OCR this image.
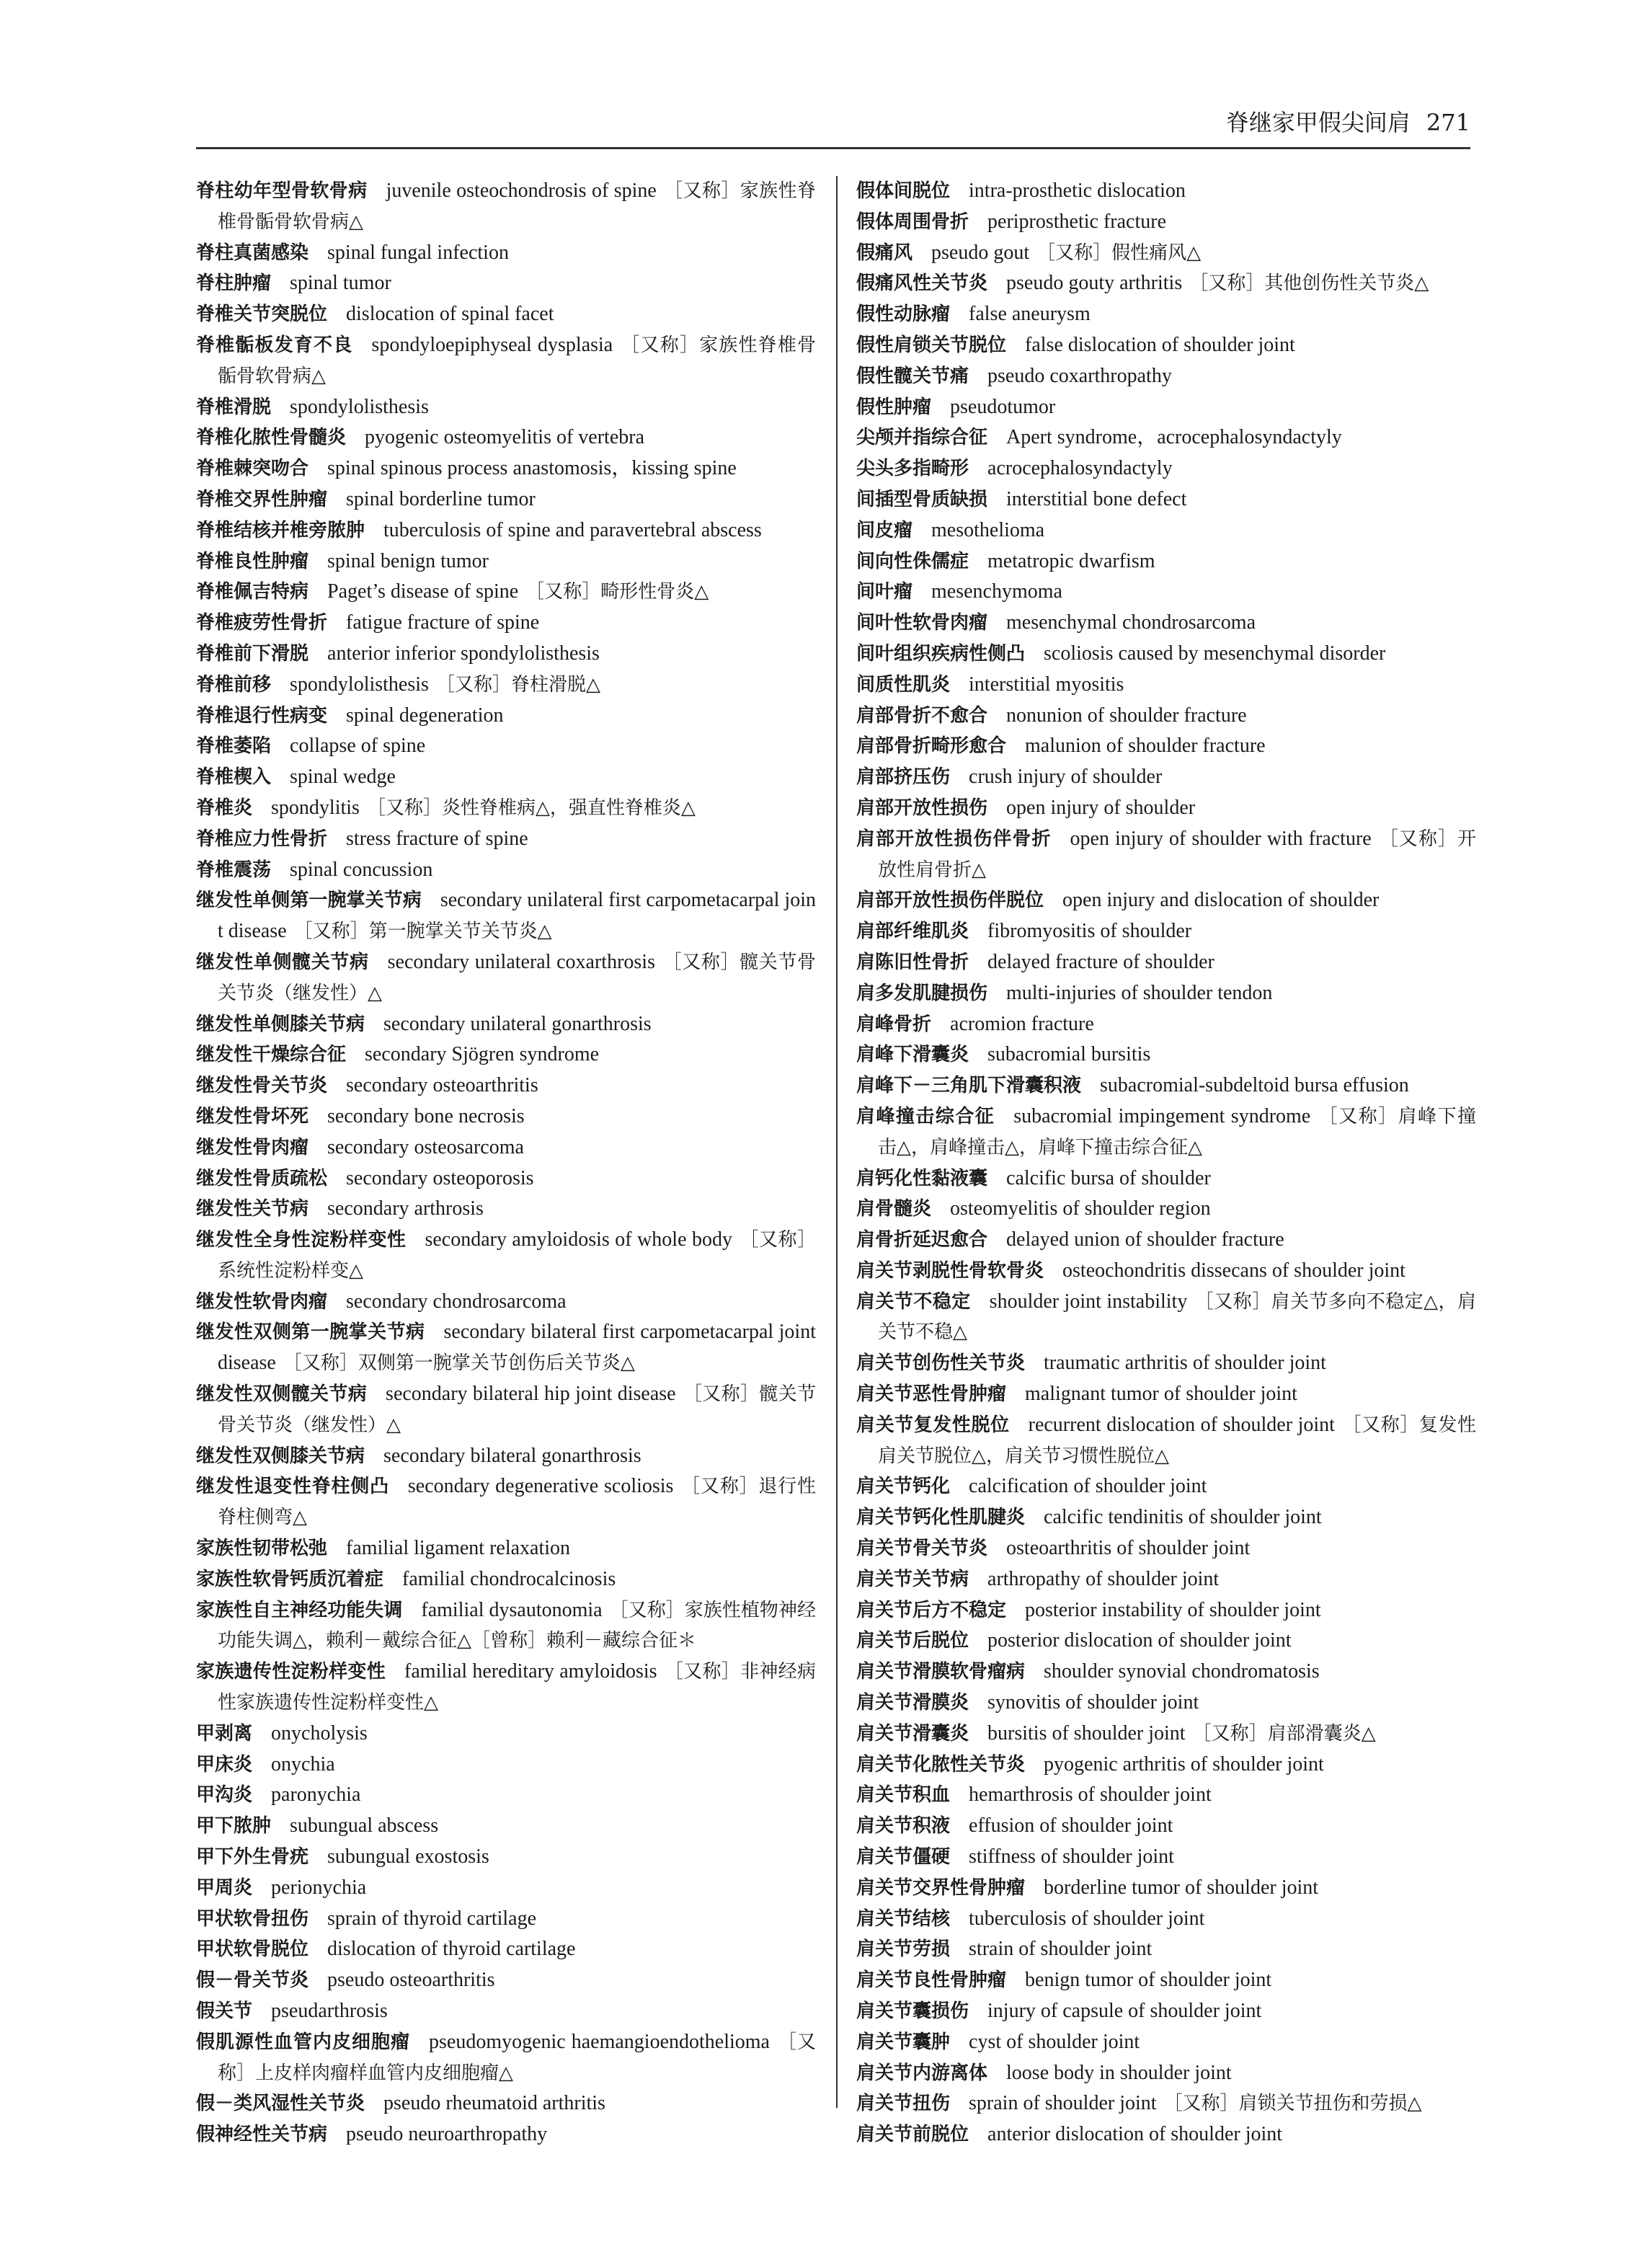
脊继家甲假尖间肩 271
脊柱幼年型骨软骨病 juvenile osteochondrosis of spine ［又称］家族性脊椎骨骺骨软骨病△
脊柱真菌感染 spinal fungal infection
脊柱肿瘤 spinal tumor
脊椎关节突脱位 dislocation of spinal facet
脊椎骺板发育不良 spondyloepiphyseal dysplasia ［又称］家族性脊椎骨骺骨软骨病△
脊椎滑脱 spondylolisthesis
脊椎化脓性骨髓炎 pyogenic osteomyelitis of vertebra
脊椎棘突吻合 spinal spinous process anastomosis，kissing spine
脊椎交界性肿瘤 spinal borderline tumor
脊椎结核并椎旁脓肿 tuberculosis of spine and paravertebral abscess
脊椎良性肿瘤 spinal benign tumor
脊椎佩吉特病 Paget’s disease of spine ［又称］畸形性骨炎△
脊椎疲劳性骨折 fatigue fracture of spine
脊椎前下滑脱 anterior inferior spondylolisthesis
脊椎前移 spondylolisthesis ［又称］脊柱滑脱△
脊椎退行性病变 spinal degeneration
脊椎萎陷 collapse of spine
脊椎楔入 spinal wedge
脊椎炎 spondylitis ［又称］炎性脊椎病△，强直性脊椎炎△
脊椎应力性骨折 stress fracture of spine
脊椎震荡 spinal concussion
继发性单侧第一腕掌关节病 secondary unilateral first carpometacarpal joint disease ［又称］第一腕掌关节关节炎△
继发性单侧髋关节病 secondary unilateral coxarthrosis ［又称］髋关节骨关节炎（继发性）△
继发性单侧膝关节病 secondary unilateral gonarthrosis
继发性干燥综合征 secondary Sjögren syndrome
继发性骨关节炎 secondary osteoarthritis
继发性骨坏死 secondary bone necrosis
继发性骨肉瘤 secondary osteosarcoma
继发性骨质疏松 secondary osteoporosis
继发性关节病 secondary arthrosis
继发性全身性淀粉样变性 secondary amyloidosis of whole body ［又称］系统性淀粉样变△
继发性软骨肉瘤 secondary chondrosarcoma
继发性双侧第一腕掌关节病 secondary bilateral first carpometacarpal joint disease ［又称］双侧第一腕掌关节创伤后关节炎△
继发性双侧髋关节病 secondary bilateral hip joint disease ［又称］髋关节骨关节炎（继发性）△
继发性双侧膝关节病 secondary bilateral gonarthrosis
继发性退变性脊柱侧凸 secondary degenerative scoliosis ［又称］退行性脊柱侧弯△
家族性韧带松弛 familial ligament relaxation
家族性软骨钙质沉着症 familial chondrocalcinosis
家族性自主神经功能失调 familial dysautonomia ［又称］家族性植物神经功能失调△，赖利－戴综合征△［曾称］赖利－藏综合征＊
家族遗传性淀粉样变性 familial hereditary amyloidosis ［又称］非神经病性家族遗传性淀粉样变性△
甲剥离 onycholysis
甲床炎 onychia
甲沟炎 paronychia
甲下脓肿 subungual abscess
甲下外生骨疣 subungual exostosis
甲周炎 perionychia
甲状软骨扭伤 sprain of thyroid cartilage
甲状软骨脱位 dislocation of thyroid cartilage
假－骨关节炎 pseudo osteoarthritis
假关节 pseudarthrosis
假肌源性血管内皮细胞瘤 pseudomyogenic haemangioendothelioma ［又称］上皮样肉瘤样血管内皮细胞瘤△
假－类风湿性关节炎 pseudo rheumatoid arthritis
假神经性关节病 pseudo neuroarthropathy
假体间脱位 intra-prosthetic dislocation
假体周围骨折 periprosthetic fracture
假痛风 pseudo gout ［又称］假性痛风△
假痛风性关节炎 pseudo gouty arthritis ［又称］其他创伤性关节炎△
假性动脉瘤 false aneurysm
假性肩锁关节脱位 false dislocation of shoulder joint
假性髋关节痛 pseudo coxarthropathy
假性肿瘤 pseudotumor
尖颅并指综合征 Apert syndrome，acrocephalosyndactyly
尖头多指畸形 acrocephalosyndactyly
间插型骨质缺损 interstitial bone defect
间皮瘤 mesothelioma
间向性侏儒症 metatropic dwarfism
间叶瘤 mesenchymoma
间叶性软骨肉瘤 mesenchymal chondrosarcoma
间叶组织疾病性侧凸 scoliosis caused by mesenchymal disorder
间质性肌炎 interstitial myositis
肩部骨折不愈合 nonunion of shoulder fracture
肩部骨折畸形愈合 malunion of shoulder fracture
肩部挤压伤 crush injury of shoulder
肩部开放性损伤 open injury of shoulder
肩部开放性损伤伴骨折 open injury of shoulder with fracture ［又称］开放性肩骨折△
肩部开放性损伤伴脱位 open injury and dislocation of shoulder
肩部纤维肌炎 fibromyositis of shoulder
肩陈旧性骨折 delayed fracture of shoulder
肩多发肌腱损伤 multi-injuries of shoulder tendon
肩峰骨折 acromion fracture
肩峰下滑囊炎 subacromial bursitis
肩峰下－三角肌下滑囊积液 subacromial-subdeltoid bursa effusion
肩峰撞击综合征 subacromial impingement syndrome ［又称］肩峰下撞击△，肩峰撞击△，肩峰下撞击综合征△
肩钙化性黏液囊 calcific bursa of shoulder
肩骨髓炎 osteomyelitis of shoulder region
肩骨折延迟愈合 delayed union of shoulder fracture
肩关节剥脱性骨软骨炎 osteochondritis dissecans of shoulder joint
肩关节不稳定 shoulder joint instability ［又称］肩关节多向不稳定△，肩关节不稳△
肩关节创伤性关节炎 traumatic arthritis of shoulder joint
肩关节恶性骨肿瘤 malignant tumor of shoulder joint
肩关节复发性脱位 recurrent dislocation of shoulder joint ［又称］复发性肩关节脱位△，肩关节习惯性脱位△
肩关节钙化 calcification of shoulder joint
肩关节钙化性肌腱炎 calcific tendinitis of shoulder joint
肩关节骨关节炎 osteoarthritis of shoulder joint
肩关节关节病 arthropathy of shoulder joint
肩关节后方不稳定 posterior instability of shoulder joint
肩关节后脱位 posterior dislocation of shoulder joint
肩关节滑膜软骨瘤病 shoulder synovial chondromatosis
肩关节滑膜炎 synovitis of shoulder joint
肩关节滑囊炎 bursitis of shoulder joint ［又称］肩部滑囊炎△
肩关节化脓性关节炎 pyogenic arthritis of shoulder joint
肩关节积血 hemarthrosis of shoulder joint
肩关节积液 effusion of shoulder joint
肩关节僵硬 stiffness of shoulder joint
肩关节交界性骨肿瘤 borderline tumor of shoulder joint
肩关节结核 tuberculosis of shoulder joint
肩关节劳损 strain of shoulder joint
肩关节良性骨肿瘤 benign tumor of shoulder joint
肩关节囊损伤 injury of capsule of shoulder joint
肩关节囊肿 cyst of shoulder joint
肩关节内游离体 loose body in shoulder joint
肩关节扭伤 sprain of shoulder joint ［又称］肩锁关节扭伤和劳损△
肩关节前脱位 anterior dislocation of shoulder joint
